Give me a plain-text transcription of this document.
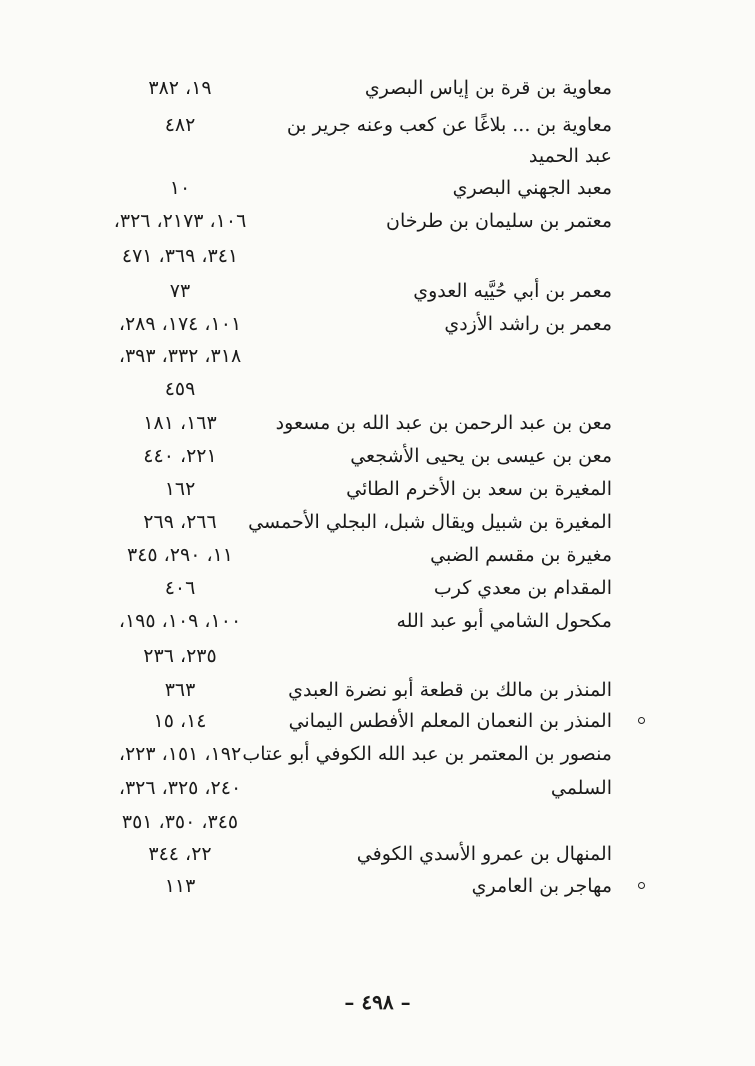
معاوية بن قرة بن إياس البصري
١٩، ٣٨٢
معاوية بن ... بلاغًا عن كعب وعنه جرير بن
٤٨٢
عبد الحميد
معبد الجهني البصري
١٠
معتمر بن سليمان بن طرخان
١٠٦، ٢١٧٣، ٣٢٦،
٣٤١، ٣٦٩، ٤٧١
معمر بن أبي حُيَّيه العدوي
٧٣
معمر بن راشد الأزدي
١٠١، ١٧٤، ٢٨٩،
٣١٨، ٣٣٢، ٣٩٣،
٤٥٩
معن بن عبد الرحمن بن عبد الله بن مسعود
١٦٣، ١٨١
معن بن عيسى بن يحيى الأشجعي
٢٢١، ٤٤٠
المغيرة بن سعد بن الأخرم الطائي
١٦٢
المغيرة بن شبيل ويقال شبل، البجلي الأحمسي
٢٦٦، ٢٦٩
مغيرة بن مقسم الضبي
١١، ٢٩٠، ٣٤٥
المقدام بن معدي كرب
٤٠٦
مكحول الشامي أبو عبد الله
١٠٠، ١٠٩، ١٩٥،
٢٣٥، ٢٣٦
المنذر بن مالك بن قطعة أبو نضرة العبدي
٣٦٣
المنذر بن النعمان المعلم الأفطس اليماني
١٤، ١٥
منصور بن المعتمر بن عبد الله الكوفي أبو عتاب
١٩٢، ١٥١، ٢٢٣،
السلمي
٢٤٠، ٣٢٥، ٣٢٦،
٣٤٥، ٣٥٠، ٣٥١
المنهال بن عمرو الأسدي الكوفي
٢٢، ٣٤٤
مهاجر بن العامري
١١٣
– ٤٩٨ –
